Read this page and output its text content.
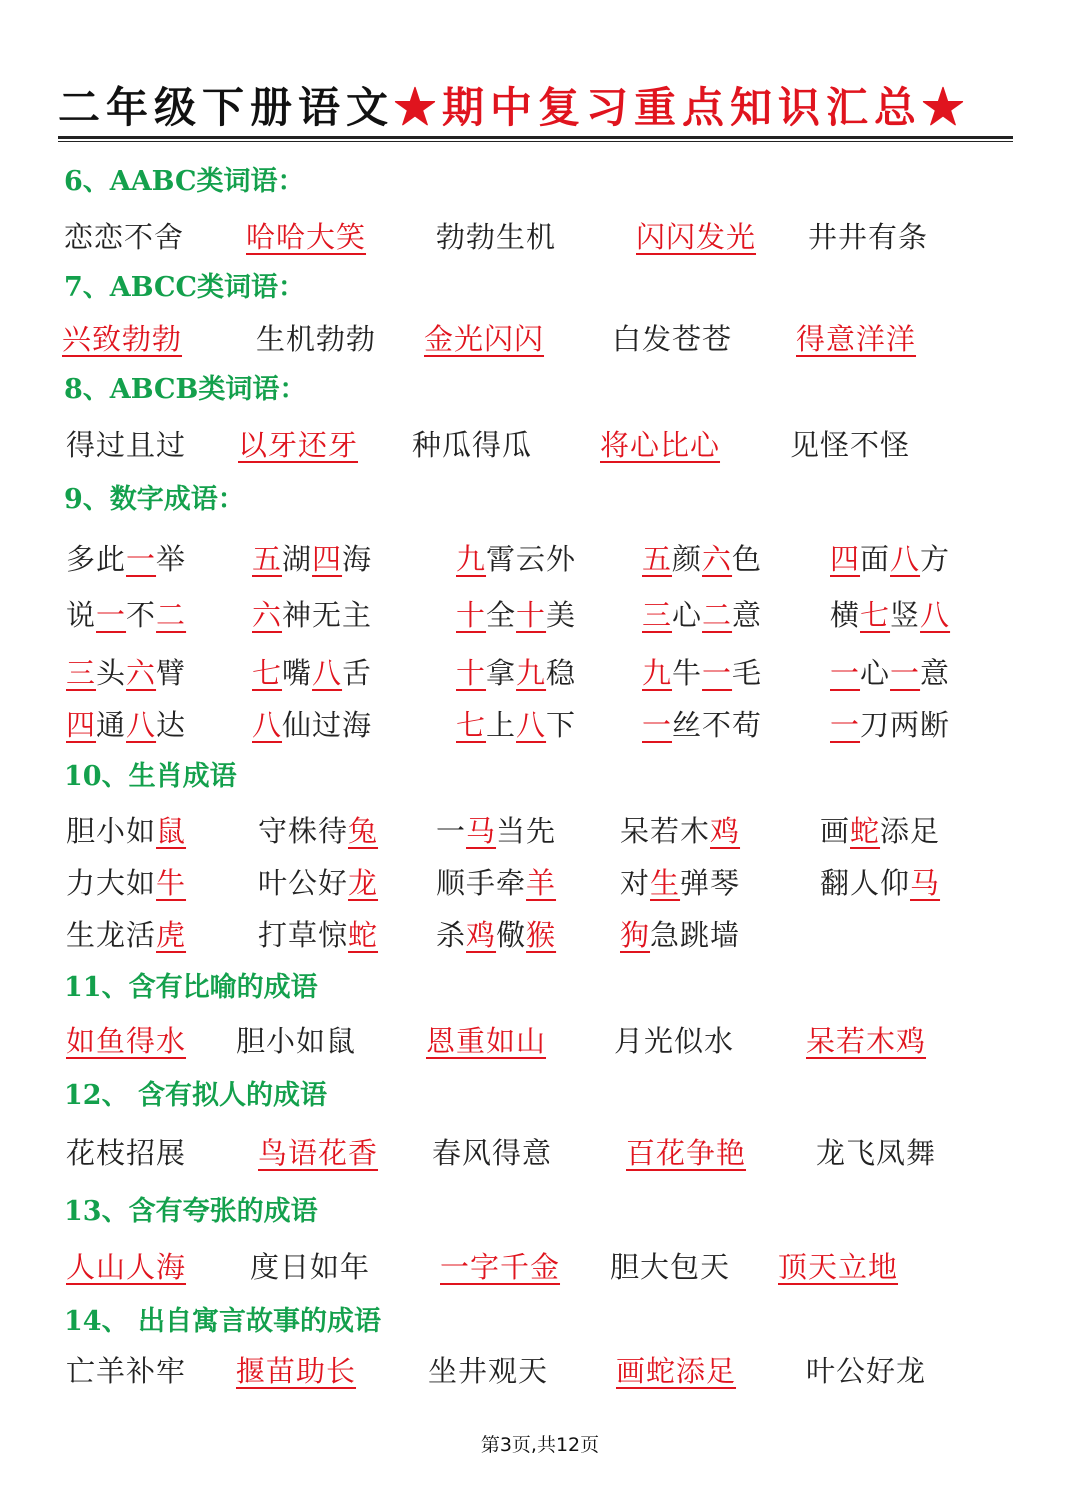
二年级下册语文★期中复习重点知识汇总★
6、AABC类词语：
恋恋不舍	哈哈大笑	勃勃生机	闪闪发光	井井有条
7、ABCC类词语：
兴致勃勃	生机勃勃 金光闪闪 白发苍苍 得意洋洋
8、ABCB类词语：
得过且过 以牙还牙 种瓜得瓜	将心比心	见怪不怪
9、数字成语：
多此一举 五湖四海	九霄云外 五颜六色 四面八方
说一不二 六神无主	十全十美 三心二意 横七竖八
三头六臂 七嘴八舌	十拿九稳 九牛一毛 一心一意
四通八达 八仙过海	七上八下 一丝不苟 一刀两断
10、生肖成语
胆小如鼠 守株待兔 一马当先 呆若木鸡	画蛇添足
力大如牛 叶公好龙 顺手牵羊 对生弹琴	翻人仰马
生龙活虎 打草惊蛇 杀鸡儆猴 狗急跳墙
11、含有比喻的成语
如鱼得水 胆小如鼠 恩重如山 月光似水 呆若木鸡
12、 含有拟人的成语
花枝招展 鸟语花香 春风得意	百花争艳	龙飞凤舞
13、含有夸张的成语
人山人海 度日如年 一字千金 胆大包天 顶天立地
14、 出自寓言故事的成语
亡羊补牢 揠苗助长 坐井观天 画蛇添足 叶公好龙
第3页,共12页
